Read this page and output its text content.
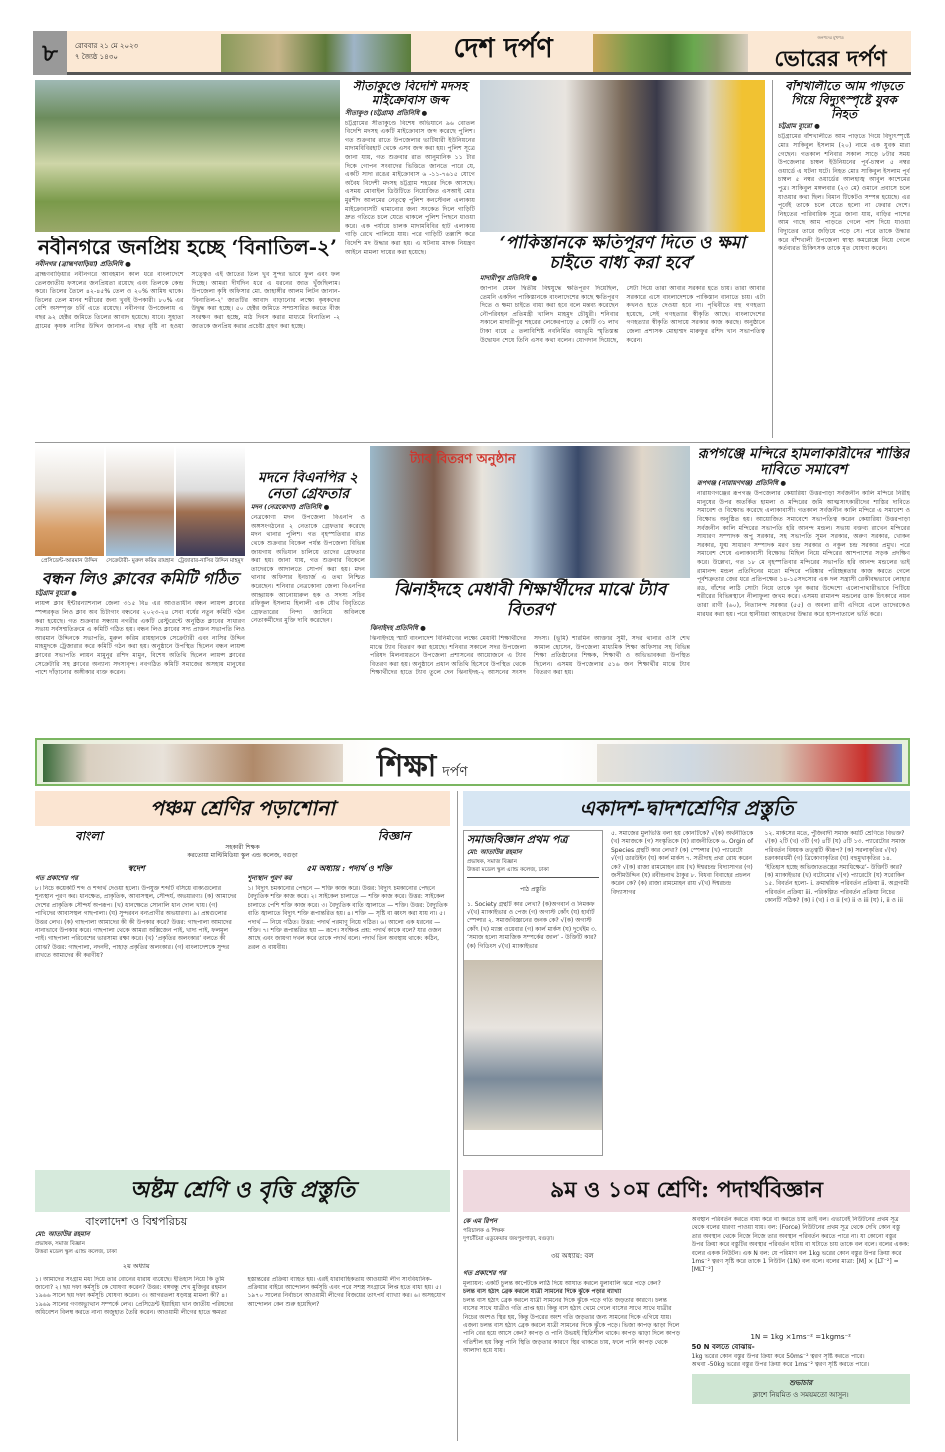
৮	রোববার ২১ মে ২০২৩
৭ জ্যৈষ্ঠ ১৪৩০	দেশ দর্পণ	জনপদের মুখপত্র
ভোরের দর্পণ
সীতাকুণ্ডে বিদেশি মদসহ মাইক্রোবাস জব্দ
সীতাকুণ্ড (চট্টগ্রাম) প্রতিনিধি ●
চট্টগ্রামের সীতাকুণ্ডে বিশেষ অভিযানে ৯৬ বোতল বিদেশি মদসহ একটি মাইক্রোবাস জব্দ করেছে পুলিশ। গত শুক্রবার রাতে উপজেলার ভাটিয়ারী ইউনিয়নের মাদামবিবিরহাট থেকে এসব জব্দ করা হয়। পুলিশ সূত্রে জানা যায়, গত শুক্রবার রাত আনুমানিক ১১ টার দিকে গোপন সংবাদের ভিত্তিতে জানতে পারে যে, একটি সাদা রঙের মাইক্রোবাস ৬ -১১-৭৬১৫ যোগে অবৈধ বিদেশী মদসহ চট্টগ্রাম শহরের দিকে আসছে। এসময় মোবাইল ডিউটিতে নিয়োজিত এসআই মোঃ মুরশীদ আলমের নেতৃত্বে পুলিশ কনস্টেবল এলাকায় মাইক্রোবাসটি থামানোর জন্য সংকেত দিলে গাড়িটি দ্রুত গতিতে চলে যেতে থাকলে পুলিশ পিছনে ধাওয়া করে। এক পর্যায়ে চালক মাদামবিবির হাট এলাকায় গাড়ি রেখে পালিয়ে যায়। পরে গাড়িটি তল্লাশি করে বিদেশি মদ উদ্ধার করা হয়। এ ঘটনায় মাদক নিয়ন্ত্রণ আইনে মামলা দায়ের করা হয়েছে।
বাঁশখালীতে আম পাড়তে গিয়ে বিদ্যুৎস্পৃষ্টে যুবক নিহত
চট্টগ্রাম ব্যুরো ●
চট্টগ্রামের বাঁশখালীতে আম পাড়তে গিয়ে বিদ্যুৎস্পৃষ্টে মোঃ সাকিবুল ইসলাম (২০) নামে এক যুবক মারা গেছেন। গতকাল শনিবার সকাল সাড়ে ৮টার সময় উপজেলার চাম্বল ইউনিয়নের পূর্ব-চাম্বল ৫ নম্বর ওয়ার্ডে এ ঘটনা ঘটে। নিহত মোঃ সাকিবুল ইসলাম পূর্ব চাম্বল ৫ নম্বর ওয়ার্ডের আলহাজ্ব আবুল কাশেমের পুত্র। সাকিবুল মঙ্গলবার (২৩ মে) ওমানে প্রবাসে চলে যাওয়ার কথা ছিল। বিমান টিকেটও সম্পন্ন হয়েছে। এর পূর্বেই তাকে চলে যেতে হলো না ফেরার দেশে। নিহতের পারিবারিক সূত্রে জানা যায়, বাড়ির পাশের আম গাছে আম পাড়তে গেলে পাশ দিয়ে যাওয়া বিদ্যুতের তারে জড়িয়ে পড়ে সে। পরে তাকে উদ্ধার করে বাঁশখালী উপজেলা স্বাস্থ্য কমপ্লেক্সে নিয়ে গেলে কর্তব্যরত চিকিৎসক তাকে মৃত ঘোষণা করেন।
নবীনগরে জনপ্রিয় হচ্ছে ‘বিনাতিল-২’
নবীনগর (ব্রাহ্মণবাড়িয়া) প্রতিনিধি ●
ব্রাহ্মণবাড়িয়ার নবীনগরে আবহমান কাল ধরে বাংলাদেশে তেলজাতীয় ফসলের জনপ্রিয়তা রয়েছে এবং তিলকে কেন্দ্র করে। তিলের তৈলে ৪২-৪৫% তেল ও ২০% আমিষ থাকে। তিলের তেল মানব শরীরের জন্য খুবই উপকারী। ৮০% এর বেশি অসম্পৃক্ত চর্বি এতে রয়েছে। নবীনগর উপজেলায় এ বছর ৯২ হেক্টর জমিতে তিলের আবাদ হয়েছে। যাবে। সুহাতা গ্রামের কৃষক নাসির উদ্দিন জানান-এ বছর বৃষ্টি না হওয়া সত্ত্বেও এই জাতের তিল খুব সুন্দর ভাবে ফুল এবং ফল দিচ্ছে। আমরা দীর্ঘদিন ধরে এ ধরনের জাত খুঁজছিলাম। উপজেলা কৃষি অফিসার মো. জাহাঙ্গীর আলম লিটন জানান-'বিনাতিল-২' জাতটির আবাদ বাড়ানোর লক্ষ্যে কৃষকদের উদ্বুদ্ধ করা হচ্ছে। ৫০ হেক্টর জমিতে সম্প্রসারিত করতে বীজ সংরক্ষণ করা হচ্ছে, মাঠ দিবস করার মাধ্যমে বিনাতিল -২ জাতকে জনপ্রিয় করার প্রচেষ্টা গ্রহণ করা হচ্ছে।
‘পাকিস্তানকে ক্ষতিপূরণ দিতে ও ক্ষমা চাইতে বাধ্য করা হবে’
মাদারীপুর প্রতিনিধি ●
জাপান যেমন দ্বিতীয় বিশ্বযুদ্ধে ক্ষতিপূরণ দিয়েছিল, তেমনি একদিন পাকিস্তানকে বাংলাদেশের কাছে ক্ষতিপূরণ দিতে ও ক্ষমা চাইতে বাধ্য করা হবে বলে মন্তব্য করেছেন নৌপরিবহন প্রতিমন্ত্রী খালিদ মাহমুদ চৌধুরী। শনিবার সকালে মাদারীপুর শহরের লেকেরপাড়ে ৫ কোটি ৩১ লাখ টাকা ব্যয়ে ৫ তলাবিশিষ্ট নবনির্মিত বধ্যভূমি স্মৃতিস্তম্ভ উদ্বোধন শেষে তিনি এসব কথা বলেন। যোগদান দিয়েছে, সেটা দিয়ে তারা আবার সরকার হতে চায়। তারা আবার সরকারে এসে বাংলাদেশকে পাকিস্তান বানাতে চায়। এটা কখনও হতে দেওয়া হবে না। পৃথিবীতে বহু গণহত্যা হয়েছে, সেই গণহত্যার স্বীকৃতি আছে। বাংলাদেশের গণহত্যার স্বীকৃতি আদায়ে সরকার কাজ করছে। অনুষ্ঠানে জেলা প্রশাসক মোহাম্মদ মারুফুর রশিদ খান সভাপতিত্ব করেন।
প্রেসিডেন্ট-আরমান উদ্দিন	সেক্রেটারী- মুরুল করিম রায়হান ট্রেজারার-নাসির উদ্দিন মাহমুদ
বন্ধন লিও ক্লাবের কমিটি গঠিত
চট্টগ্রাম ব্যুরো ●
লায়ন্স ক্লাব ইন্টারন্যাশনাল জেলা ৩১৫ বি৪ এর আওতাধীন বন্ধন লায়ন্স ক্লাবের স্পন্সরকৃত লিও ক্লাব অব চিটাগাং বন্ধনের ২০২৩-২৪ সেবা বর্ষের নতুন কমিটি গঠন করা হয়েছে। গত শুক্রবার সন্ধ্যায় নগরীর একটি রেস্টুরেন্টে অনুষ্ঠিত ক্লাবের সাধারণ সভায় সর্বসম্মতিক্রমে এ কমিটি গঠিত হয়। বন্ধন লিও ক্লাবের সদ্য প্রাক্তন সভাপতি লিও আরমান উদ্দিনকে সভাপতি, মুরুল করিম রায়হানকে সেক্রেটারী এবং নাসির উদ্দিন মাহমুদকে ট্রেজারার করে কমিটি গঠন করা হয়। অনুষ্ঠানে উপস্থিত ছিলেন বন্ধন লায়ন্স ক্লাবের সভাপতি লায়ন মামুনুর রশিদ মামুন, বিশেষ অতিথি ছিলেন লায়ন্স ক্লাবের সেক্রেটারি সহ ক্লাবের অন্যান্য সদস্যবৃন্দ। নবগঠিত কমিটি সমাজের অসহায় মানুষের পাশে দাঁড়ানোর অঙ্গীকার ব্যক্ত করেন।
মদনে বিএনপির ২ নেতা গ্রেফতার
মদন (নেত্রকোণা) প্রতিনিধি ●
নেত্রকোণা মদন উপজেলা বিএনপি ও অঙ্গসংগঠনের ২ নেতাকে গ্রেফতার করেছে মদন থানার পুলিশ। গত বৃহস্পতিবার রাত থেকে শুক্রবার বিকেল পর্যন্ত উপজেলা বিভিন্ন জায়গায় অভিযান চালিয়ে তাদের গ্রেফতার করা হয়। জানা যায়, গত শুক্রবার বিকেলে তাদেরকে আদালতে সোপর্দ করা হয়। মদন থানার অফিসার ইনচার্জ এ তথ্য নিশ্চিত করেছেন। শনিবার নেত্রকোনা জেলা বিএনপির আহ্বায়ক আনোয়ারুল হক ও সদস্য সচিব রফিকুল ইসলাম হিলালী এক যৌথ বিবৃতিতে গ্রেফতারের নিন্দা জানিয়ে অবিলম্বে নেতাকর্মীদের মুক্তি দাবি করেছেন।
ট্যাব বিতরণ অনুষ্ঠান
ঝিনাইদহে মেধাবী শিক্ষার্থীদের মাঝে ট্যাব বিতরণ
ঝিনাইদহ প্রতিনিধি ●
ঝিনাইদহে স্মার্ট বাংলাদেশ বিনির্মাণের লক্ষ্যে মেধাবী শিক্ষার্থীদের মাঝে ট্যাব বিতরণ করা হয়েছে। শনিবার সকালে সদর উপজেলা পরিষদ মিলনায়তনে উপজেলা প্রশাসনের আয়োজনে এ ট্যাব বিতরণ করা হয়। অনুষ্ঠানে প্রধান অতিথি হিসেবে উপস্থিত থেকে শিক্ষার্থীদের হাতে ট্যাব তুলে দেন ঝিনাইদহ-২ আসনের সংসদ সদস্য। (ভূমি) শারমিন আক্তার সুমী, সদর থানার ওসি শেখ কামাল হোসেন, উপজেলা মাধ্যমিক শিক্ষা অফিসার সহ বিভিন্ন শিক্ষা প্রতিষ্ঠানের শিক্ষক, শিক্ষার্থী ও অভিভাবকরা উপস্থিত ছিলেন। এসময় উপজেলার ৫১৬ জন শিক্ষার্থীর মাঝে ট্যাব বিতরণ করা হয়।
রূপগঞ্জে মন্দিরে হামলাকারীদের শাস্তির দাবিতে সমাবেশ
রূপগঞ্জ (নারায়ণগঞ্জ) প্রতিনিধি ●
নারায়ণগঞ্জের রূপগঞ্জ উপজেলার কেয়ারিয়া উত্তরপাড়া সর্বজনীন কালি মন্দিরে নিরীহ মানুষের উপর অতর্কিত হামলা ও মন্দিরের জমি আত্মসাৎকারীদের শাস্তির দাবিতে সমাবেশ ও বিক্ষোভ করেছে এলাকাবাসী। গতকাল সর্বজনীন কালি মন্দিরে এ সমাবেশ ও বিক্ষোভ অনুষ্ঠিত হয়। আয়োজিত সমাবেশে সভাপতিত্ব করেন কেয়ারিয়া উত্তরপাড়া সর্বজনীন কালি মন্দিরের সভাপতি হরি আনন্দ মন্ডল। সভায় বক্তব্য রাখেন মন্দিরের সাধারণ সম্পাদক অপু সরকার, সহ সভাপতি সুমন সরকার, অরুণ সরকার, খোকন সরকার, যুগ্ম সাধারণ সম্পাদক মরণ চন্দ্র সরকার ও নকুল চন্দ্র সরকার প্রমুখ। পরে সমাবেশ শেষে এলাকাবাসী বিক্ষোভ মিছিল নিয়ে মন্দিরের আশপাশের সড়ক প্রদক্ষিণ করে। উল্লেখ্য, গত ১৮ মে বৃহস্পতিবার মন্দিরের সভাপতি হরি আনন্দ মন্ডলের ভাই রামানন্দ মন্ডল প্রতিদিনের মতো মন্দিরে পরিষ্কার পরিচ্ছন্নতার কাজ করতে গেলে পূর্বশত্রুতার জের ধরে প্রতিপক্ষের ১৪-১৫সদস্যের এক দল সন্ত্রাসী রেকীবদ্ধভাবে লোহার রড, বাঁশের লাঠি সোটা নিয়ে তাকে খুন করার উদ্দেশ্যে এলোপাথারীভাবে পিটিয়ে শরীরের বিভিন্নস্থানে নীলাফুলা জখম করে। এসময় রামানন্দ মন্ডলের ডাক চিৎকারে নয়ন তারা রাণী (৬০), নিত্যানন্দ সরকার (৫৫) ও অবলা রাণী এগিয়ে এলে তাদেরকেও মারধর করা হয়। পরে স্থানীয়রা আহতদের উদ্ধার করে হাসপাতালে ভর্তি করে।
শিক্ষা দর্পণ
পঞ্চম শ্রেণির পড়াশোনা
বাংলা	বিজ্ঞান
সহকারী শিক্ষক
করতোয়া মাল্টিমিডিয়া স্কুল এন্ড কলেজ, বগুড়া
স্বদেশ
গত প্রকাশের পর
৮। নিচে কয়েকটি শব্দ ও শব্দার্থ দেওয়া হলো। উপযুক্ত শব্দটি বসিয়ে বাক্যগুলোর শূন্যস্থান পূরণ কর। ধানক্ষেত, প্রাকৃতিক, আবাসস্থল, সৌন্দর্য, অভয়ারণ্য। (ক) আমাদের দেশের প্রাকৃতিক সৌন্দর্য অপরূপ। (খ) ধানক্ষেতে সোনালি ধান দোল খায়। (গ) পাখিদের আবাসস্থল গাছপালা। (ঘ) সুন্দরবন বন্যপ্রাণীর অভয়ারণ্য। ৯। প্রশ্নগুলোর উত্তর লেখ। (ক) গাছপালা আমাদের কী কী উপকার করে? উত্তর: গাছপালা আমাদের নানাভাবে উপকার করে। গাছপালা থেকে আমরা অক্সিজেন পাই, খাদ্য পাই, ফলমূল পাই। গাছপালা পরিবেশের ভারসাম্য রক্ষা করে। (খ) ‘প্রকৃতির অলংকার’ বলতে কী বোঝ? উত্তর: গাছপালা, নদনদী, পাহাড় প্রকৃতির অলংকার। (গ) বাংলাদেশকে সুন্দর রাখতে আমাদের কী করণীয়?
৫ম অধ্যায় : পদার্থ ও শক্তি
শূন্যস্থান পূরণ কর
১। বিদ্যুৎ চমকানোর পেছনে — শক্তি কাজ করে। উত্তর: বিদ্যুৎ চমকানোর পেছনে বৈদ্যুতিক শক্তি কাজ করে। ২। সাইকেল চালাতে — শক্তি কাজ করে। উত্তর: সাইকেল চালাতে পেশি শক্তি কাজ করে। ৩। বৈদ্যুতিক বাতি জ্বালাতে — শক্তি। উত্তর: বৈদ্যুতিক বাতি জ্বালাতে বিদ্যুৎ শক্তি রূপান্তরিত হয়। ৪। শক্তি — সৃষ্টি বা ধ্বংস করা যায় না। ৫। পদার্থ — নিয়ে গঠিত। উত্তর: পদার্থ পরমাণু নিয়ে গঠিত। ৬। আলো এক ধরনের — শক্তি। ৭। শক্তি রূপান্তরিত হয় — রূপে। সংক্ষিপ্ত প্রশ্ন: পদার্থ কাকে বলে? যার ওজন আছে এবং জায়গা দখল করে তাকে পদার্থ বলে। পদার্থ তিন অবস্থায় থাকে: কঠিন, তরল ও বায়বীয়।
একাদশ-দ্বাদশশ্রেণির প্রস্তুতি
সমাজবিজ্ঞান প্রথম পত্র
মো: আতাউর রহমান
প্রভাষক, সমাজ বিজ্ঞান
উত্তরা মডেল স্কুল এ্যান্ড কলেজ, ঢাকা
পাঠ প্রস্তুতি
১. Society গ্রন্থটি কার লেখা? (ক)অগবার্ন ও নিমকফ √(খ) ম্যাকাইভার ও পেজ (গ) অগাস্ট কোঁৎ (ঘ) হার্বার্ট স্পেন্সার ২. সমাজবিজ্ঞানের জনক কে? √(ক) অগাস্ট কোঁৎ (খ) ম্যাক্স ওয়েবার (গ) কার্ল মার্কস (ঘ) দুর্খেইম ৩. ‘সমাজ হলো সামাজিক সম্পর্কের জাল’ - উক্তিটি কার? (ক) গিডিংস √(খ) ম্যাকাইভার
৫. সমাজের মুলভিত্তি বলা হয় কোনটিকে? √(ক) অর্থনীতিকে (খ) সমাজকে (গ) সংস্কৃতিকে (ঘ) রাজনীতিকে ৬. Orgin of Species গ্রন্থটি কার লেখা? (ক) স্পেন্সার (খ) প্যারেটো √(গ) ডারউইন (ঘ) কার্ল মার্কস ৭. সতীদাহ প্রথা রোধ করেন কে? √(ক) রাজা রামমোহন রায় (খ) ঈশ্বরচন্দ্র বিদ্যাসাগর (গ) জসীমউদ্দিন (ঘ) রবীন্দ্রনাথ ঠাকুর ৮. বিধবা বিবাহের প্রচলন করেন কে? (ক) রাজা রামমোহন রায় √(খ) ঈশ্বরচন্দ্র বিদ্যাসাগর
১২. মার্কসের মতে, পুঁজিবাদী সমাজ কয়টি শ্রেণিতে বিভক্ত? √(ক) ২টি (খ) ৩টি (গ) ৪টি (ঘ) ৫টি ১৩. প্যারেটোর সমাজ পরিবর্তন বিষয়ক তত্ত্বটি কীরূপ? (ক) সরলাকৃতির √(খ) চক্রাকারধর্মী (গ) ত্রিকোণাকৃতির (ঘ) বহুমুখাকৃতির ১৪. ‘ইতিহাস হচ্ছে অভিজাততন্ত্রের সমাধিক্ষেত্র’- উক্তিটি কার? (ক) ম্যাকাইভার (খ) বটোমোর √(গ) প্যারেটো (ঘ) সরোকিন ১৫. বিবর্তন হলো- i. ক্রমান্বয়িক পরিবর্তন প্রক্রিয়া ii. অগ্রগামী পরিবর্তন প্রক্রিয়া iii. পরিকল্পিত পরিবর্তন প্রক্রিয়া নিচের কোনটি সঠিক? (ক) i (খ) i ও ii (গ) ii ও iii (ঘ) i, ii ও iii
অষ্টম শ্রেণি ও বৃত্তি প্রস্তুতি
বাংলাদেশ ও বিশ্বপরিচয়
মো: আতাউর রহমান
প্রভাষক, সমাজ বিজ্ঞান
উত্তরা মডেল স্কুল এ্যান্ড কলেজ, ঢাকা
২য় অধ্যায়
১। আমাদের সংগ্রাম মধ্য দিয়ে তার বোনের ধারায় ব্যয়েছে। ইতিহাস নিয়ে কি তুমি জানো? ২। ছয় দফা কর্মসূচি কে ঘোষণা করেন? উত্তর: বঙ্গবন্ধু শেখ মুজিবুর রহমান ১৯৬৬ সালে ছয় দফা কর্মসূচি ঘোষণা করেন। ৩। আগরতলা ষড়যন্ত্র মামলা কী? ৪। ১৯৬৯ সালের গণঅভ্যুত্থান সম্পর্কে লেখ। প্রেসিডেন্ট ইয়াহিয়া খান জাতীয় পরিষদের অধিবেশন বিলম্ব করতে নানা অজুহাত তৈরি করেন। আওয়ামী লীগের হাতে ক্ষমতা হস্তান্তরের প্রক্রিয়া ব্যাহত হয়। এরই ধারাবাহিকতায় আওয়ামী লীগ সাংবিধানিক-প্রক্রিয়ার বাইরে আন্দোলন কর্মসূচি এবং পরে সশস্ত্র সংগ্রামে লিপ্ত হতে বাধ্য হয়। ৫। ১৯৭০ সালের নির্বাচনে আওয়ামী লীগের বিজয়ের তাৎপর্য ব্যাখ্যা কর। ৬। অসহযোগ আন্দোলন কেন শুরু হয়েছিল?
৯ম ও ১০ম শ্রেণি: পদার্থবিজ্ঞান
কে এম রিপন
পরিচালক ও শিক্ষক
দুপচাঁচিয়া এডুকেয়ার জয়পুরপাড়া, বগুড়া।
৩য় অধ্যায়: বল
গত প্রকাশের পর
মূল্যায়ন: একটি চুলন্ত কার্পেটকে লাঠি দিয়ে আঘাত করলে ধুলাবালি ঝরে পড়ে কেন?
চলন্ত বাস হঠাৎ ব্রেক করলে যাত্রী সামনের দিকে ঝুঁকে পড়ার ব্যাখ্যা
চলন্ত বাস হঠাৎ ব্রেক করলে যাত্রী সামনের দিকে ঝুঁকে পড়ে গতি জড়তার কারণে। চলন্ত বাসের সাথে যাত্রীও গতি প্রাপ্ত হয়। কিন্তু বাস হঠাৎ থেমে গেলে বাসের সাথে সাথে যাত্রীর নিচের অংশও স্থির হয়, কিন্তু উপরের অংশ গতি জড়তার জন্য সামনের দিকে এগিয়ে যায়। এজন্য চলন্ত বাস হঠাৎ ব্রেক করলে যাত্রী সামনের দিকে ঝুঁকে পড়ে। ভিজা কাপড় ঝাড়া দিলে পানি বের হয়ে আসে কেন? কাপড় ও পানি উভয়ই স্থিতিশীল থাকে। কাপড় ঝাড়া দিলে কাপড় গতিশীল হয় কিন্তু পানি স্থিতি জড়তার কারণে স্থির থাকতে চায়, ফলে পানি কাপড় থেকে আলাদা হয়ে যায়।
অবস্থান পরিবর্তন করতে বাধ্য করে বা করতে চায় তাই বল। এভাবেই নিউটনের প্রথম সূত্র থেকে বলের ধারণা পাওয়া যায়। বল: (Force) নিউটনের প্রথম সূত্র থেকে দেখি কোন বস্তু তার অবস্থান থেকে নিজে নিজে তার অবস্থান পরিবর্তন করতে পারে না। যা কোনো বস্তুর উপর ক্রিয়া করে বস্তুটির অবস্থার পরিবর্তন ঘটায় বা ঘটাতে চায় তাকে বল বলে। বলের একক: বলের একক নিউটন। এক N বল: যে পরিমাণ বল 1kg ভরের কোন বস্তুর উপর ক্রিয়া করে 1ms⁻² ত্বরণ সৃষ্টি করে তাকে 1 নিউটন (1N) বল বলে। বলের মাত্রা: [M] × [LT⁻²] = [MLT⁻²]
1N = 1kg ×1ms⁻² =1kgms⁻²
50 N বলতে বোঝায়-
1kg ভরের কোন বস্তুর উপর ক্রিয়া করে 50ms⁻² ত্বরণ সৃষ্টি করতে পারে।
অথবা -50kg ভরের বস্তুর উপর ক্রিয়া করে 1ms⁻² ত্বরণ সৃষ্টি করতে পারে।
শুভাচার
ক্লাশে নিয়মিত ও সময়মতো আসুন।
